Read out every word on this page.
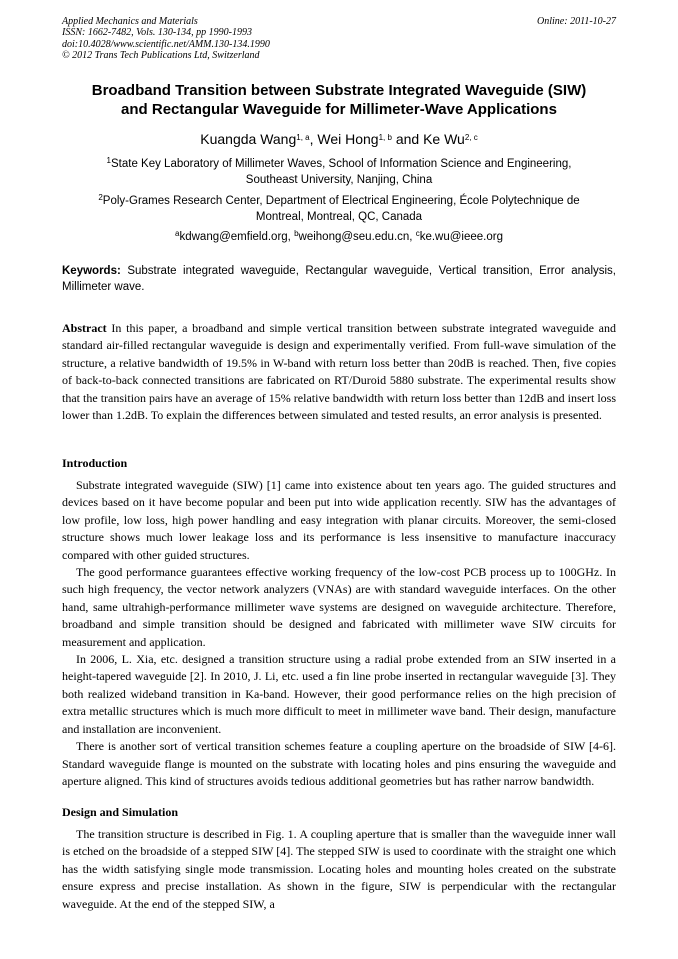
Applied Mechanics and Materials
ISSN: 1662-7482, Vols. 130-134, pp 1990-1993
doi:10.4028/www.scientific.net/AMM.130-134.1990
© 2012 Trans Tech Publications Ltd, Switzerland
Online: 2011-10-27
Broadband Transition between Substrate Integrated Waveguide (SIW)
and Rectangular Waveguide for Millimeter-Wave Applications
Kuangda Wang$^{1, a}$, Wei Hong$^{1, b}$ and Ke Wu$^{2, c}$
$^1$State Key Laboratory of Millimeter Waves, School of Information Science and Engineering,
Southeast University, Nanjing, China
$^2$Poly-Grames Research Center, Department of Electrical Engineering, École Polytechnique de
Montreal, Montreal, QC, Canada
$^a$kdwang@emfield.org, $^b$weihong@seu.edu.cn, $^c$ke.wu@ieee.org
Keywords: Substrate integrated waveguide, Rectangular waveguide, Vertical transition, Error analysis, Millimeter wave.
Abstract In this paper, a broadband and simple vertical transition between substrate integrated waveguide and standard air-filled rectangular waveguide is design and experimentally verified. From full-wave simulation of the structure, a relative bandwidth of 19.5% in W-band with return loss better than 20dB is reached. Then, five copies of back-to-back connected transitions are fabricated on RT/Duroid 5880 substrate. The experimental results show that the transition pairs have an average of 15% relative bandwidth with return loss better than 12dB and insert loss lower than 1.2dB. To explain the differences between simulated and tested results, an error analysis is presented.
Introduction

Substrate integrated waveguide (SIW) [1] came into existence about ten years ago. The guided structures and devices based on it have become popular and been put into wide application recently. SIW has the advantages of low profile, low loss, high power handling and easy integration with planar circuits. Moreover, the semi-closed structure shows much lower leakage loss and its performance is less insensitive to manufacture inaccuracy compared with other guided structures.

The good performance guarantees effective working frequency of the low-cost PCB process up to 100GHz. In such high frequency, the vector network analyzers (VNAs) are with standard waveguide interfaces. On the other hand, same ultrahigh-performance millimeter wave systems are designed on waveguide architecture. Therefore, broadband and simple transition should be designed and fabricated with millimeter wave SIW circuits for measurement and application.

In 2006, L. Xia, etc. designed a transition structure using a radial probe extended from an SIW inserted in a height-tapered waveguide [2]. In 2010, J. Li, etc. used a fin line probe inserted in rectangular waveguide [3]. They both realized wideband transition in Ka-band. However, their good performance relies on the high precision of extra metallic structures which is much more difficult to meet in millimeter wave band. Their design, manufacture and installation are inconvenient.

There is another sort of vertical transition schemes feature a coupling aperture on the broadside of SIW [4-6]. Standard waveguide flange is mounted on the substrate with locating holes and pins ensuring the waveguide and aperture aligned. This kind of structures avoids tedious additional geometries but has rather narrow bandwidth.

Design and Simulation

The transition structure is described in Fig. 1. A coupling aperture that is smaller than the waveguide inner wall is etched on the broadside of a stepped SIW [4]. The stepped SIW is used to coordinate with the straight one which has the width satisfying single mode transmission. Locating holes and mounting holes created on the substrate ensure express and precise installation. As shown in the figure, SIW is perpendicular with the rectangular waveguide. At the end of the stepped SIW, a
